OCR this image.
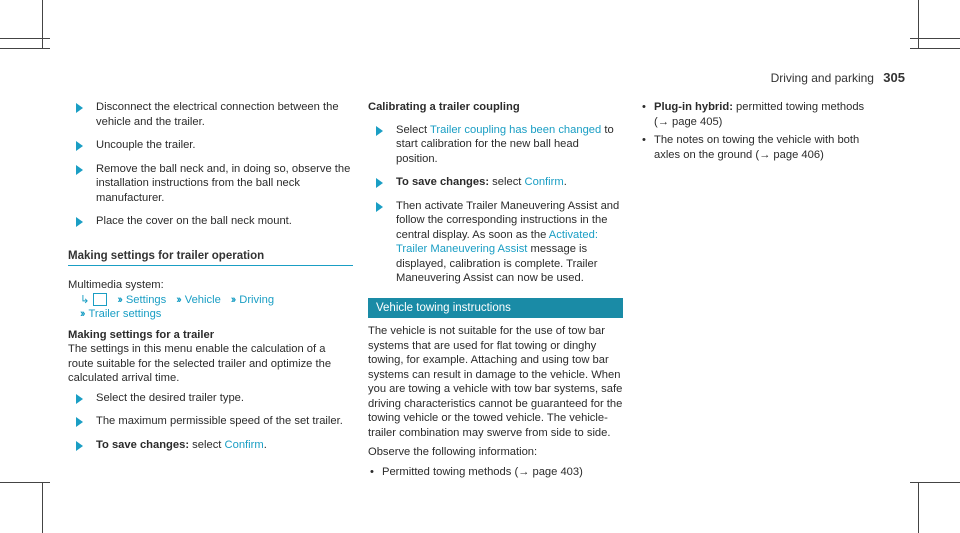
Driving and parking 305
Disconnect the electrical connection between the vehicle and the trailer.
Uncouple the trailer.
Remove the ball neck and, in doing so, observe the installation instructions from the ball neck manufacturer.
Place the cover on the ball neck mount.
Making settings for trailer operation
Multimedia system:
↳	›› Settings ›› Vehicle ›› Driving
›› Trailer settings
Making settings for a trailer

The settings in this menu enable the calculation of a route suitable for the selected trailer and optimize the calculated arrival time.

Select the desired trailer type.
The maximum permissible speed of the set trailer.
To save changes: select Confirm.
Calibrating a trailer coupling
Select Trailer coupling has been changed to start calibration for the new ball head position.
To save changes: select Confirm.
Then activate Trailer Maneuvering Assist and follow the corresponding instructions in the central display. As soon as the Activated: Trailer Maneuvering Assist message is displayed, calibration is complete. Trailer Maneuvering Assist can now be used.
Vehicle towing instructions

The vehicle is not suitable for the use of tow bar systems that are used for flat towing or dinghy towing, for example. Attaching and using tow bar systems can result in damage to the vehicle. When you are towing a vehicle with tow bar systems, safe driving characteristics cannot be guaranteed for the towing vehicle or the towed vehicle. The vehicle-trailer combination may swerve from side to side.

Observe the following information:

• Permitted towing methods (→ page 403)
• Plug-in hybrid: permitted towing methods (→ page 405)
• The notes on towing the vehicle with both axles on the ground (→ page 406)
